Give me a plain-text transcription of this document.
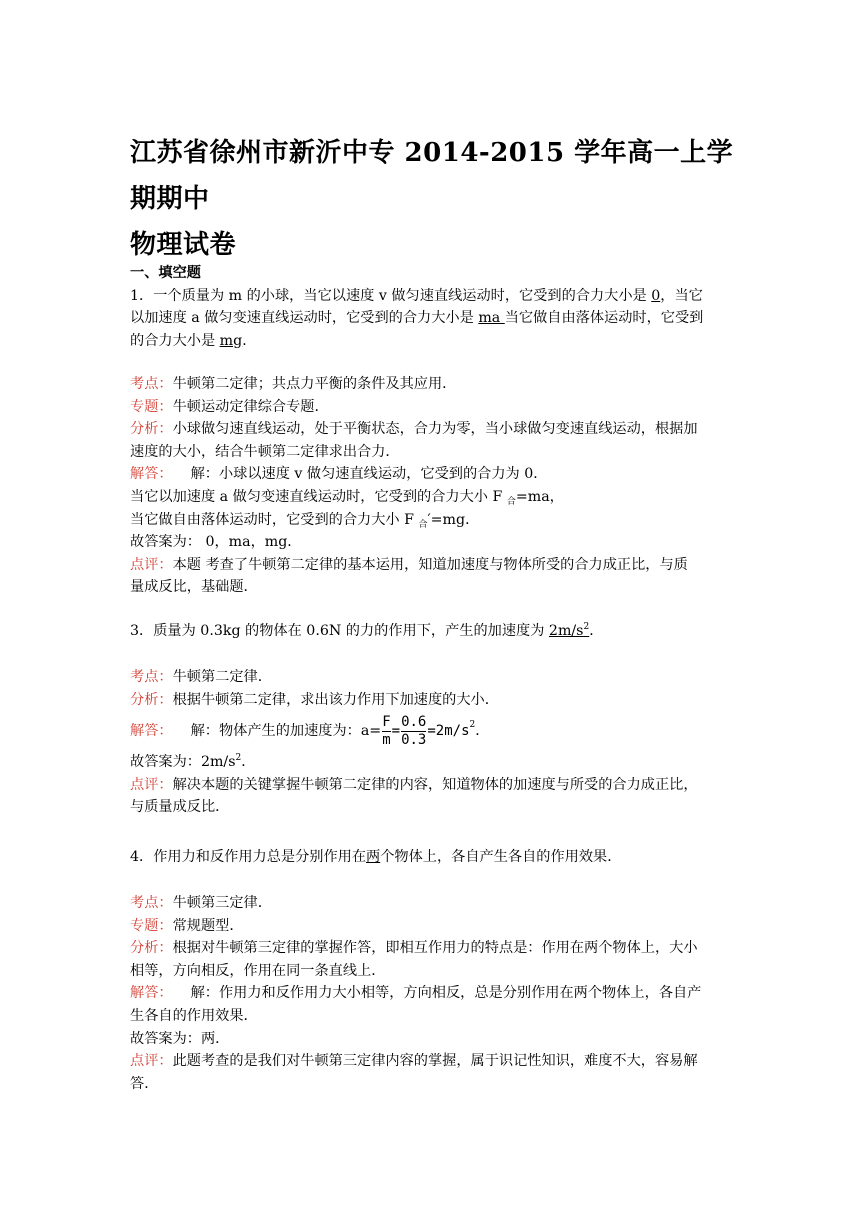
江苏省徐州市新沂中专 2014-2015 学年高一上学期期中
物理试卷
一、填空题
1．一个质量为 m 的小球，当它以速度 v 做匀速直线运动时，它受到的合力大小是 0，当它
以加速度 a 做匀变速直线运动时，它受到的合力大小是 ma 当它做自由落体运动时，它受到
的合力大小是 mg．
考点：牛顿第二定律；共点力平衡的条件及其应用．
专题：牛顿运动定律综合专题．
分析：小球做匀速直线运动，处于平衡状态，合力为零，当小球做匀变速直线运动，根据加
速度的大小，结合牛顿第二定律求出合力．
解答： 解：小球以速度 v 做匀速直线运动，它受到的合力为 0．
当它以加速度 a 做匀变速直线运动时，它受到的合力大小 F $_合$=ma，
当它做自由落体运动时，它受到的合力大小 F $_合$′=mg．
故答案为： 0，ma，mg．
点评：本题 考查了牛顿第二定律的基本运用，知道加速度与物体所受的合力成正比，与质
量成反比，基础题．
3．质量为 0.3kg 的物体在 0.6N 的力的作用下，产生的加速度为 $2m/s^2$．
考点：牛顿第二定律．
分析：根据牛顿第二定律，求出该力作用下加速度的大小．
解答： 解：物体产生的加速度为：$a= \frac{F}{m} = \frac{0.6}{0.3} =2m/s$ 2 ．
故答案为：$2m/s^2$．
点评：解决本题的关键掌握牛顿第二定律的内容，知道物体的加速度与所受的合力成正比，
与质量成反比．
4．作用力和反作用力总是分别作用在两个物体上，各自产生各自的作用效果．
考点：牛顿第三定律．
专题：常规题型．
分析：根据对牛顿第三定律的掌握作答，即相互作用力的特点是：作用在两个物体上，大小
相等，方向相反，作用在同一条直线上．
解答： 解：作用力和反作用力大小相等，方向相反，总是分别作用在两个物体上，各自产
生各自的作用效果．
故答案为：两．
点评：此题考查的是我们对牛顿第三定律内容的掌握，属于识记性知识，难度不大，容易解
答．
